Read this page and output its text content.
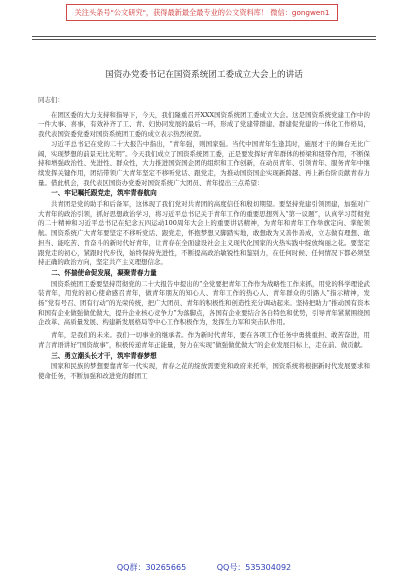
关注头条号"公文研究"，获得最新最全最专业的公文资料库！ 微信：gongwen1
国资办党委书记在国资系统团工委成立大会上的讲话

同志们：

在团区委的大力支持和指导下，今天，我们隆重召开XXX国资系统团工委成立大会。这是国资系统党建工作中的一件大事、喜事，有效补齐了工、青、妇协同发展的最后一环，形成了党建带群建、群建促党建的一体化工作格局，我代表国资委党委对国资系统团工委的成立表示热烈祝贺。

习近平总书记在党的二十大报告中指出，“青年强，则国家强。当代中国青年生逢其时，施展才干的舞台无比广阔，实现梦想的前景无比光明”。今天我们成立了国资系统团工委，正是要发挥好青年群体的桥梁和纽带作用，不断保持和增强政治性、先进性、群众性，大力推进国资国企团的组织和工作创新，在动员青年、引领青年、服务青年中继续发挥关键作用，团结带领广大青年坚定不移听党话、跟党走，为推动国资国企实现新跨越、再上新台阶贡献青春力量。借此机会，我代表区国资办党委对国资系统广大团员、青年提出三点希望：

一、牢记嘱托跟党走，筑牢青春航向

共青团是党的助手和后备军，这体现了我们党对共青团的高度信任和殷切期望。要坚持党建引领团建，加强对广大青年的政治引领，抓好思想政治学习，将习近平总书记关于青年工作的重要思想列入“第一议题”，认真学习贯彻党的二十精神和习近平总书记在纪念五四运动100周年大会上的重要讲话精神，为青年和青年工作举旗定向、掌舵领航。国资系统广大青年要坚定不移听党话、跟党走，怀抱梦想又脚踏实地，敢想敢为又善作善成，立志做有理想、敢担当、能吃苦、肯奋斗的新时代好青年，让青春在全面建设社会主义现代化国家的火热实践中绽放绚丽之花。要坚定跟党走的初心，紧跟时代步伐，始终保持先进性，不断提高政治敏锐性和鉴别力，在任何时候、任何情况下都必须坚持正确的政治方向，坚定共产主义理想信念。

二、怀揣使命促发展，凝聚青春力量

国资系统团工委要坚持贯彻党的二十大报告中提出的“全党要把青年工作作为战略性工作来抓，用党的科学理论武装青年，用党的初心使命感召青年，做青年朋友的知心人、青年工作的热心人、青年群众的引路人”指示精神，发扬“党有号召、团有行动”的光荣传统，把广大团员、青年的积极性和创造性充分调动起来。坚持把助力“推动国有资本和国有企业做强做优做大，提升企业核心竞争力”为落脚点，各国有企业要结合各自特色和优势，引导青年紧紧围绕国企改革、高质量发展、构建新发展格局等中心工作积极作为，发挥生力军和突击队作用。

青年，是我们的未来。我们一切事业的继承者。作为新时代青年，要在各项工作任务中勇挑重担、敢苦奋进，用青言青语讲好“国资故事”，积极传递青年正能量，努力在实现“做强做优做大”的企业发展目标上，走在前、做贡献。

三、勇立潮头长才干，筑牢青春梦想

国家和民族的梦想要靠青年一代实现，青春之花的绽放需要党和政府来托举，国资系统将根据新时代发展要求和使命任务，不断加强和改进党的群团工

QQ群：30265665	QQ号：535304092
